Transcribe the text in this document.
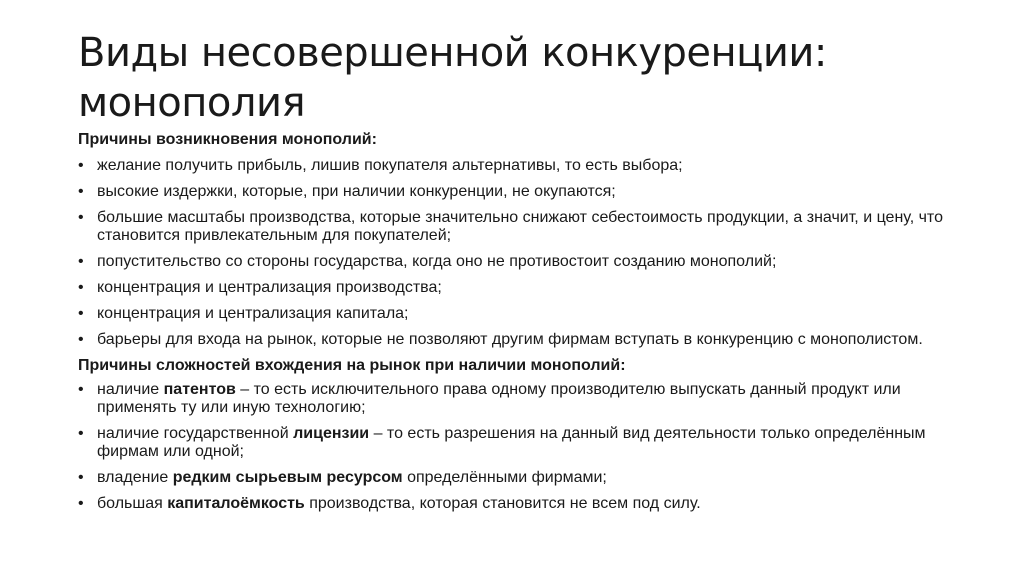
Виды несовершенной конкуренции:
монополия
Причины возникновения монополий:
• желание получить прибыль, лишив покупателя альтернативы, то есть выбора;
• высокие издержки, которые, при наличии конкуренции, не окупаются;
• большие масштабы производства, которые значительно снижают себестоимость продукции, а значит, и цену, что становится привлекательным для покупателей;
• попустительство со стороны государства, когда оно не противостоит созданию монополий;
• концентрация и централизация производства;
• концентрация и централизация капитала;
• барьеры для входа на рынок, которые не позволяют другим фирмам вступать в конкуренцию с монополистом.
Причины сложностей вхождения на рынок при наличии монополий:
• наличие патентов – то есть исключительного права одному производителю выпускать данный продукт или применять ту или иную технологию;
• наличие государственной лицензии – то есть разрешения на данный вид деятельности только определённым фирмам или одной;
• владение редким сырьевым ресурсом определёнными фирмами;
• большая капиталоёмкость производства, которая становится не всем под силу.
